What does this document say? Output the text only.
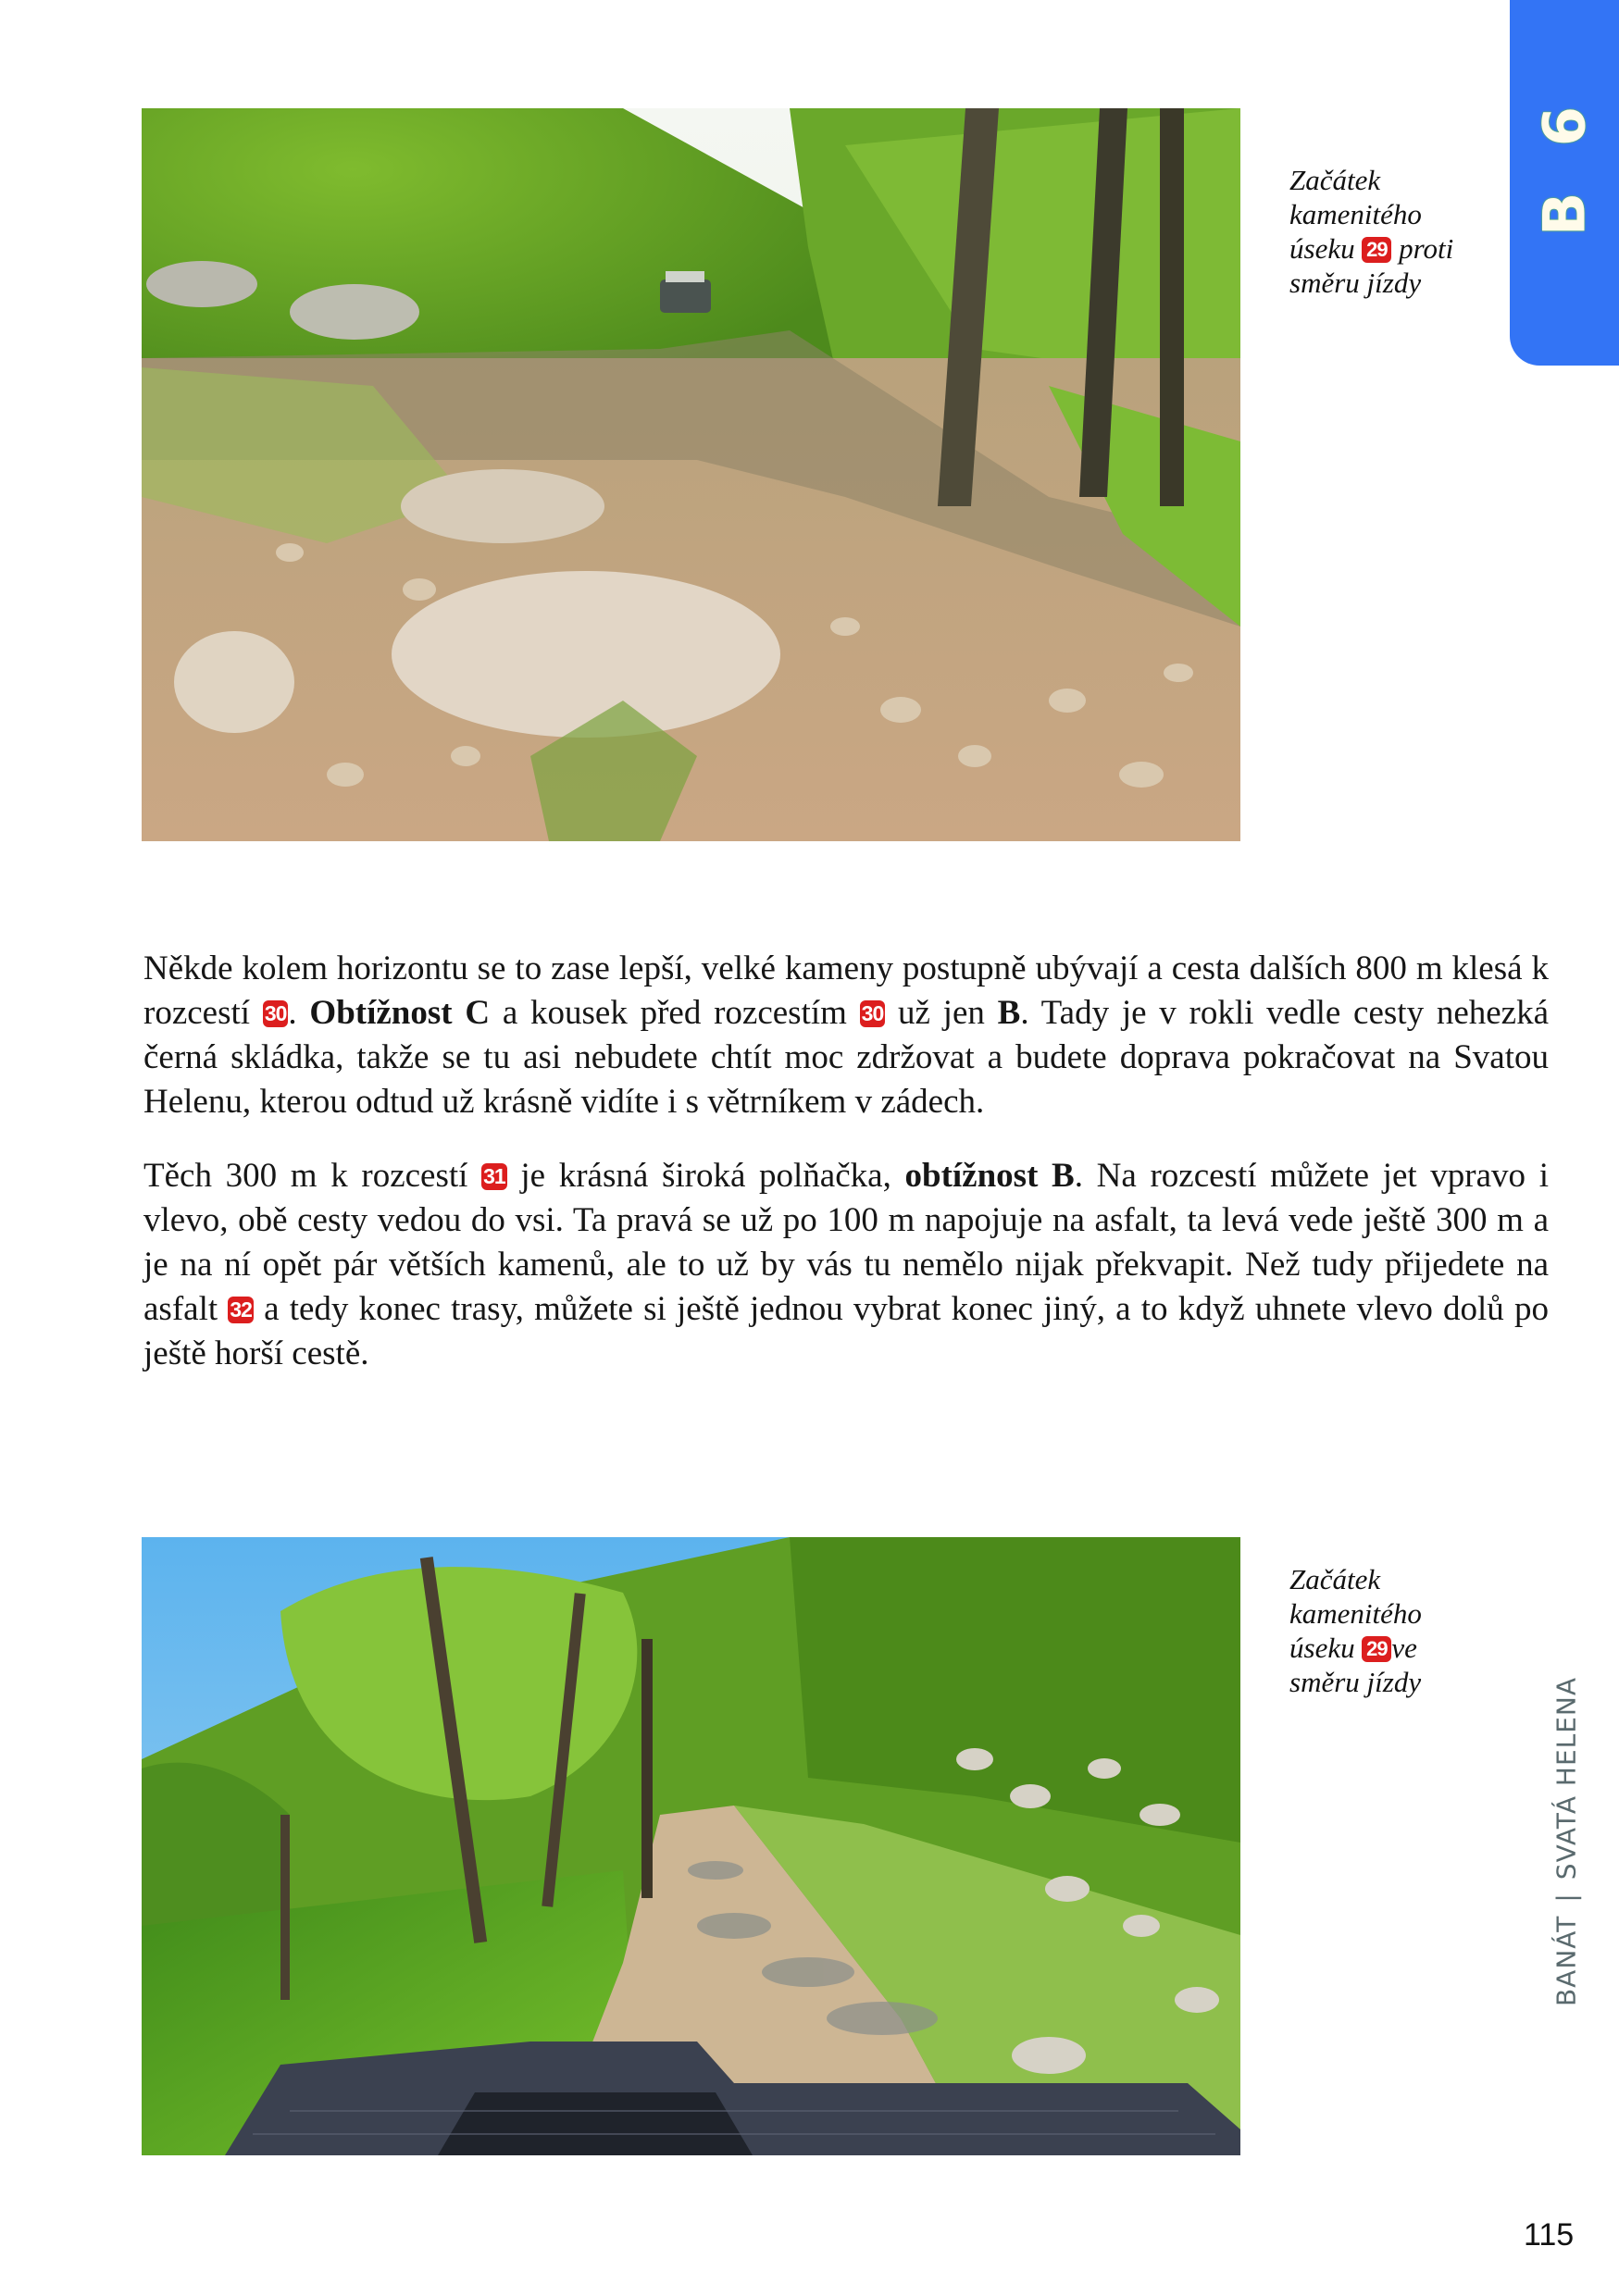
B 6
Začátek
kamenitého
úseku 29 proti
směru jízdy

Někde kolem horizontu se to zase lepší, velké kameny postupně ubývají a cesta dalších 800 m klesá k rozcestí 30. Obtížnost C a kousek před rozcestím 30 už jen B. Tady je v rokli vedle cesty nehezká černá skládka, takže se tu asi nebudete chtít moc zdržovat a budete doprava pokračovat na Svatou Helenu, kterou odtud už krásně vidíte i s větrníkem v zádech.

Těch 300 m k rozcestí 31 je krásná široká polňačka, obtížnost B. Na rozcestí můžete jet vpravo i vlevo, obě cesty vedou do vsi. Ta pravá se už po 100 m napojuje na asfalt, ta levá vede ještě 300 m a je na ní opět pár větších kamenů, ale to už by vás tu nemělo nijak překvapit. Než tudy přijedete na asfalt 32 a tedy konec trasy, můžete si ještě jednou vybrat konec jiný, a to když uhnete vlevo dolů po ještě horší cestě.

Začátek
kamenitého
úseku 29 ve
směru jízdy
BANÁT|SVATÁ HELENA
115
